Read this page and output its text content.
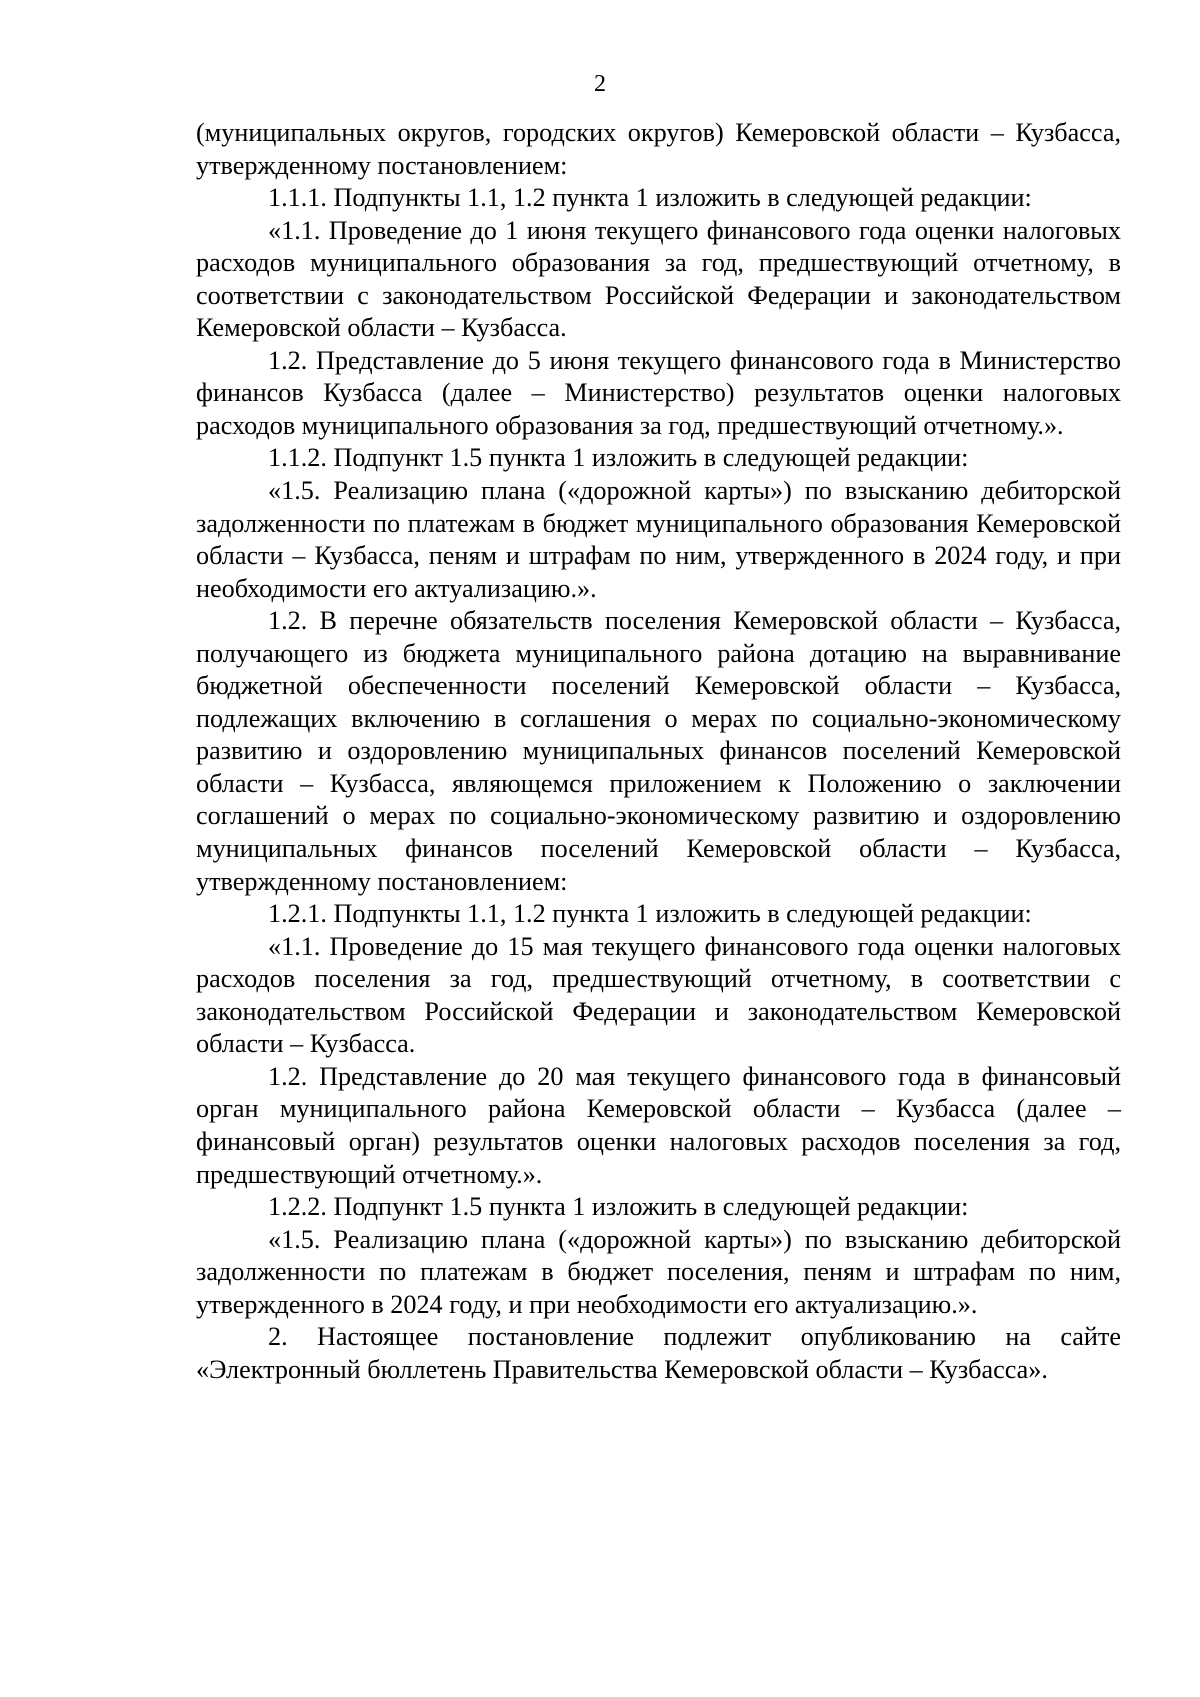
2

(муниципальных округов, городских округов) Кемеровской области – Кузбасса, утвержденному постановлением:

1.1.1. Подпункты 1.1, 1.2 пункта 1 изложить в следующей редакции:

«1.1. Проведение до 1 июня текущего финансового года оценки налоговых расходов муниципального образования за год, предшествующий отчетному, в соответствии с законодательством Российской Федерации и законодательством Кемеровской области – Кузбасса.

1.2. Представление до 5 июня текущего финансового года в Министерство финансов Кузбасса (далее – Министерство) результатов оценки налоговых расходов муниципального образования за год, предшествующий отчетному.».

1.1.2. Подпункт 1.5 пункта 1 изложить в следующей редакции:

«1.5. Реализацию плана («дорожной карты») по взысканию дебиторской задолженности по платежам в бюджет муниципального образования Кемеровской области – Кузбасса, пеням и штрафам по ним, утвержденного в 2024 году, и при необходимости его актуализацию.».

1.2. В перечне обязательств поселения Кемеровской области – Кузбасса, получающего из бюджета муниципального района дотацию на выравнивание бюджетной обеспеченности поселений Кемеровской области – Кузбасса, подлежащих включению в соглашения о мерах по социально-экономическому развитию и оздоровлению муниципальных финансов поселений Кемеровской области – Кузбасса, являющемся приложением к Положению о заключении соглашений о мерах по социально-экономическому развитию и оздоровлению муниципальных финансов поселений Кемеровской области – Кузбасса, утвержденному постановлением:

1.2.1. Подпункты 1.1, 1.2 пункта 1 изложить в следующей редакции:

«1.1. Проведение до 15 мая текущего финансового года оценки налоговых расходов поселения за год, предшествующий отчетному, в соответствии с законодательством Российской Федерации и законодательством Кемеровской области – Кузбасса.

1.2. Представление до 20 мая текущего финансового года в финансовый орган муниципального района Кемеровской области – Кузбасса (далее – финансовый орган) результатов оценки налоговых расходов поселения за год, предшествующий отчетному.».

1.2.2. Подпункт 1.5 пункта 1 изложить в следующей редакции:

«1.5. Реализацию плана («дорожной карты») по взысканию дебиторской задолженности по платежам в бюджет поселения, пеням и штрафам по ним, утвержденного в 2024 году, и при необходимости его актуализацию.».

2. Настоящее постановление подлежит опубликованию на сайте «Электронный бюллетень Правительства Кемеровской области – Кузбасса».
